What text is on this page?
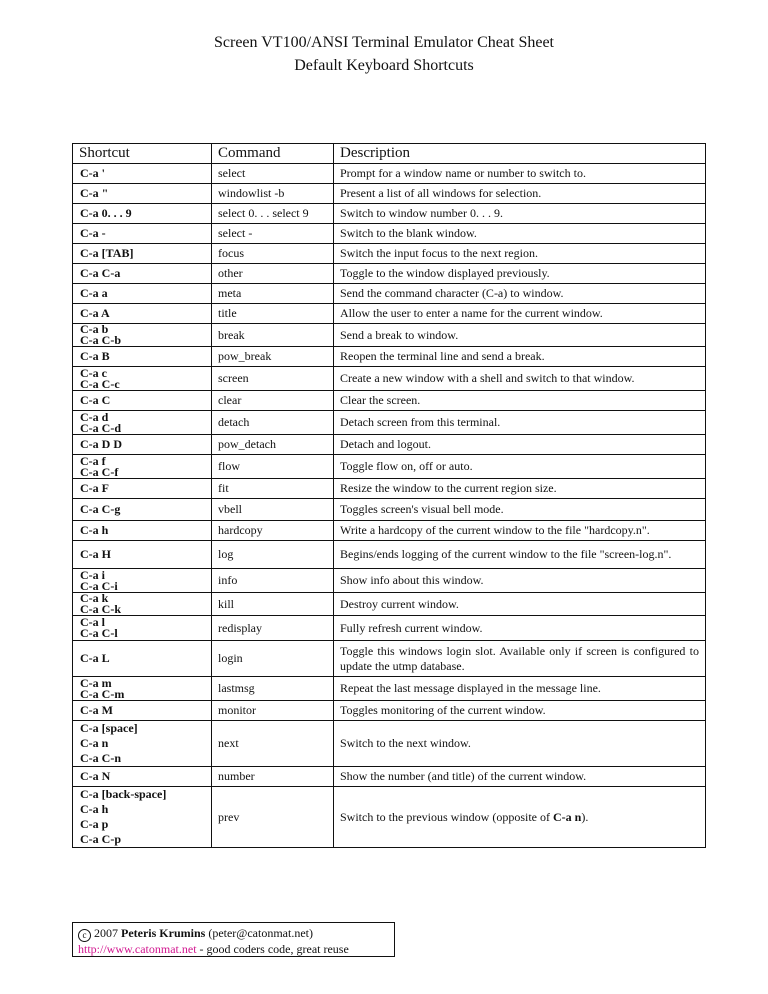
Screen VT100/ANSI Terminal Emulator Cheat Sheet
Default Keyboard Shortcuts
Shortcut	Command	Description

C-a '	select	Prompt for a window name or number to switch to.

C-a "	windowlist -b	Present a list of all windows for selection.

C-a 0. . . 9	select 0. . . select 9	Switch to window number 0. . . 9.

C-a -	select -	Switch to the blank window.

C-a [TAB]	focus	Switch the input focus to the next region.

C-a C-a	other	Toggle to the window displayed previously.

C-a a	meta	Send the command character (C-a) to window.

C-a A	title	Allow the user to enter a name for the current window.

C-a b
C-a C-b	break	Send a break to window.

C-a B	pow_break	Reopen the terminal line and send a break.

C-a c
C-a C-c	screen	Create a new window with a shell and switch to that window.

C-a C	clear	Clear the screen.

C-a d
C-a C-d	detach	Detach screen from this terminal.

C-a D D	pow_detach	Detach and logout.

C-a f
C-a C-f	flow	Toggle flow on, off or auto.

C-a F	fit	Resize the window to the current region size.

C-a C-g	vbell	Toggles screen's visual bell mode.

C-a h	hardcopy	Write a hardcopy of the current window to the file "hardcopy.n".

C-a H	log	Begins/ends logging of the current window to the file "screen-log.n".

C-a i
C-a C-i	info	Show info about this window.

C-a k
C-a C-k	kill	Destroy current window.

C-a l
C-a C-l	redisplay	Fully refresh current window.

C-a L	login	Toggle this windows login slot. Available only if screen is configured to update the utmp database.

C-a m
C-a C-m	lastmsg	Repeat the last message displayed in the message line.

C-a M	monitor	Toggles monitoring of the current window.

C-a [space]
C-a n
C-a C-n	next	Switch to the next window.

C-a N	number	Show the number (and title) of the current window.

C-a [back-space]
C-a h
C-a p
C-a C-p	prev	Switch to the previous window (opposite of C-a n).
c 2007 Peteris Krumins (peter@catonmat.net)
http://www.catonmat.net - good coders code, great reuse
